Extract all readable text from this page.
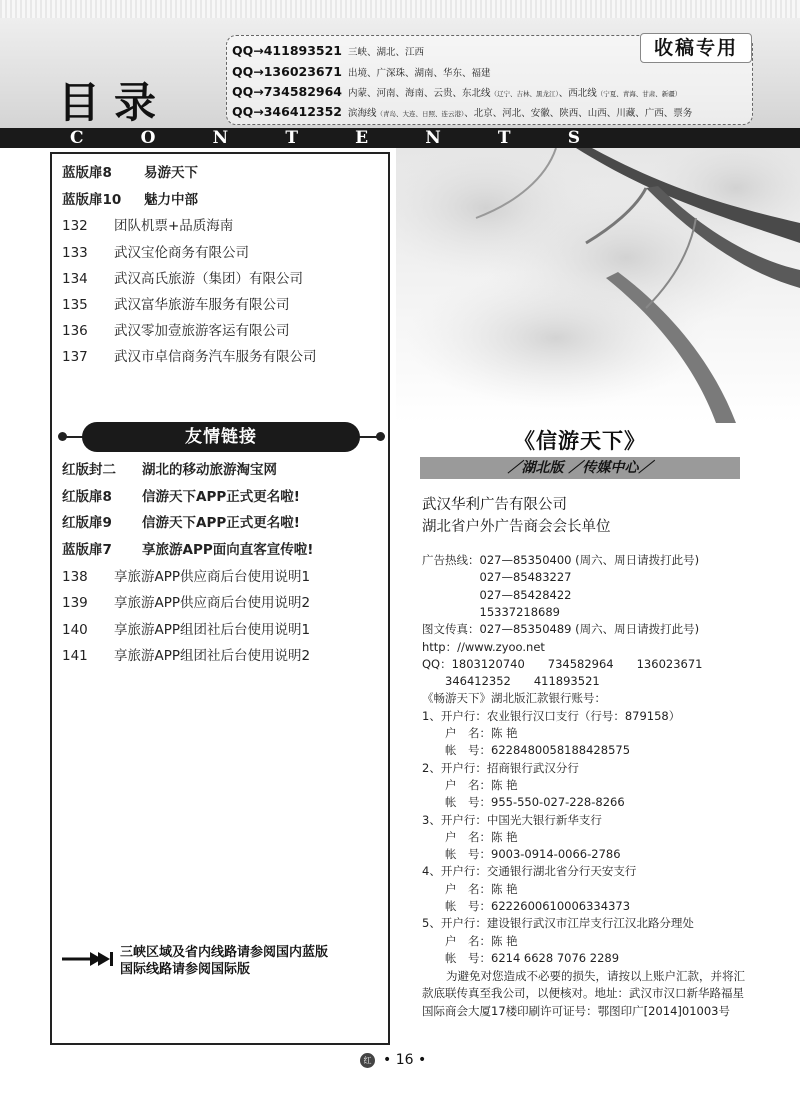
目录
QQ→411893521 三峡、湖北、江西
QQ→136023671 出境、广深珠、湖南、华东、福建
QQ→734582964 内蒙、河南、海南、云贵、东北线（辽宁、吉林、黑龙江）、西北线（宁夏、青海、甘肃、新疆）
QQ→346412352 滨海线（青岛、大连、日照、连云港）、北京、河北、安徽、陕西、山西、川藏、广西、票务
收稿专用
C	O	N	T	E	N	T	S
蓝版扉8 易游天下
蓝版扉10 魅力中部
132 团队机票+品质海南
133 武汉宝伦商务有限公司
134 武汉高氏旅游（集团）有限公司
135 武汉富华旅游车服务有限公司
136 武汉零加壹旅游客运有限公司
137 武汉市卓信商务汽车服务有限公司
友情链接
红版封二 湖北的移动旅游淘宝网
红版扉8 信游天下APP正式更名啦!
红版扉9 信游天下APP正式更名啦!
蓝版扉7 享旅游APP面向直客宣传啦!
138 享旅游APP供应商后台使用说明1
139 享旅游APP供应商后台使用说明2
140 享旅游APP组团社后台使用说明1
141 享旅游APP组团社后台使用说明2
三峡区域及省内线路请参阅国内蓝版
国际线路请参阅国际版
《信游天下》
／湖北版 ／传媒中心／
武汉华利广告有限公司
湖北省户外广告商会会长单位
广告热线：027—85350400 (周六、周日请拨打此号)
　　　　　027—85483227
　　　　　027—85428422
　　　　　15337218689
图文传真：027—85350489 (周六、周日请拨打此号)
http：//www.zyoo.net
QQ：1803120740　　734582964　　136023671
　　346412352　　411893521
《畅游天下》湖北版汇款银行账号：
1、开户行：农业银行汉口支行（行号：879158）
　　户　名：陈 艳
　　帐　号：6228480058188428575
2、开户行：招商银行武汉分行
　　户　名：陈 艳
　　帐　号：955-550-027-228-8266
3、开户行：中国光大银行新华支行
　　户　名：陈 艳
　　帐　号：9003-0914-0066-2786
4、开户行：交通银行湖北省分行天安支行
　　户　名：陈 艳
　　帐　号：6222600610006334373
5、开户行：建设银行武汉市江岸支行江汉北路分理处
　　户　名：陈 艳
　　帐　号：6214 6628 7076 2289
为避免对您造成不必要的损失，请按以上账户汇款，并将汇款底联传真至我公司，以便核对。地址：武汉市汉口新华路福星国际商会大厦17楼印刷许可证号：鄂图印广[2014]01003号
红 • 16 •
